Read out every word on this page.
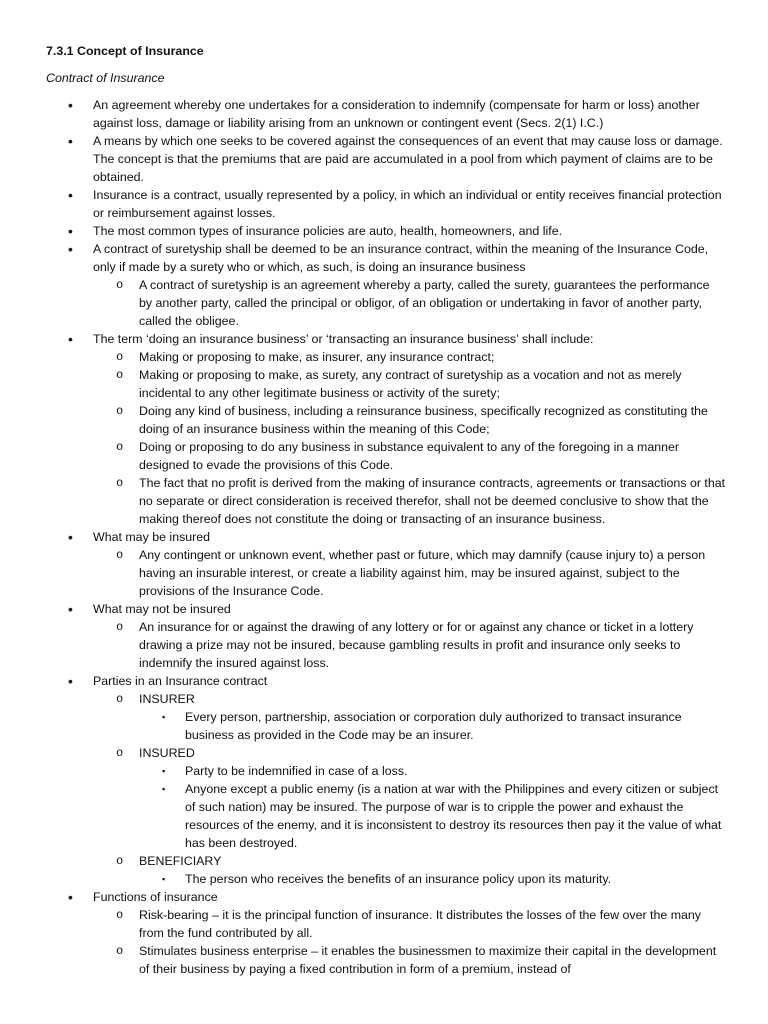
7.3.1 Concept of Insurance
Contract of Insurance
• An agreement whereby one undertakes for a consideration to indemnify (compensate for harm or loss) another against loss, damage or liability arising from an unknown or contingent event (Secs. 2(1) I.C.)
• A means by which one seeks to be covered against the consequences of an event that may cause loss or damage. The concept is that the premiums that are paid are accumulated in a pool from which payment of claims are to be obtained.
• Insurance is a contract, usually represented by a policy, in which an individual or entity receives financial protection or reimbursement against losses.
• The most common types of insurance policies are auto, health, homeowners, and life.
• A contract of suretyship shall be deemed to be an insurance contract, within the meaning of the Insurance Code, only if made by a surety who or which, as such, is doing an insurance business
o A contract of suretyship is an agreement whereby a party, called the surety, guarantees the performance by another party, called the principal or obligor, of an obligation or undertaking in favor of another party, called the obligee.
• The term ‘doing an insurance business’ or ‘transacting an insurance business’ shall include:
o Making or proposing to make, as insurer, any insurance contract;
o Making or proposing to make, as surety, any contract of suretyship as a vocation and not as merely incidental to any other legitimate business or activity of the surety;
o Doing any kind of business, including a reinsurance business, specifically recognized as constituting the doing of an insurance business within the meaning of this Code;
o Doing or proposing to do any business in substance equivalent to any of the foregoing in a manner designed to evade the provisions of this Code.
o The fact that no profit is derived from the making of insurance contracts, agreements or transactions or that no separate or direct consideration is received therefor, shall not be deemed conclusive to show that the making thereof does not constitute the doing or transacting of an insurance business.
• What may be insured
o Any contingent or unknown event, whether past or future, which may damnify (cause injury to) a person having an insurable interest, or create a liability against him, may be insured against, subject to the provisions of the Insurance Code.
• What may not be insured
o An insurance for or against the drawing of any lottery or for or against any chance or ticket in a lottery drawing a prize may not be insured, because gambling results in profit and insurance only seeks to indemnify the insured against loss.
• Parties in an Insurance contract
o INSURER
▪ Every person, partnership, association or corporation duly authorized to transact insurance business as provided in the Code may be an insurer.
o INSURED
▪ Party to be indemnified in case of a loss.
▪ Anyone except a public enemy (is a nation at war with the Philippines and every citizen or subject of such nation) may be insured. The purpose of war is to cripple the power and exhaust the resources of the enemy, and it is inconsistent to destroy its resources then pay it the value of what has been destroyed.
o BENEFICIARY
▪ The person who receives the benefits of an insurance policy upon its maturity.
• Functions of insurance
o Risk-bearing – it is the principal function of insurance. It distributes the losses of the few over the many from the fund contributed by all.
o Stimulates business enterprise – it enables the businessmen to maximize their capital in the development of their business by paying a fixed contribution in form of a premium, instead of
